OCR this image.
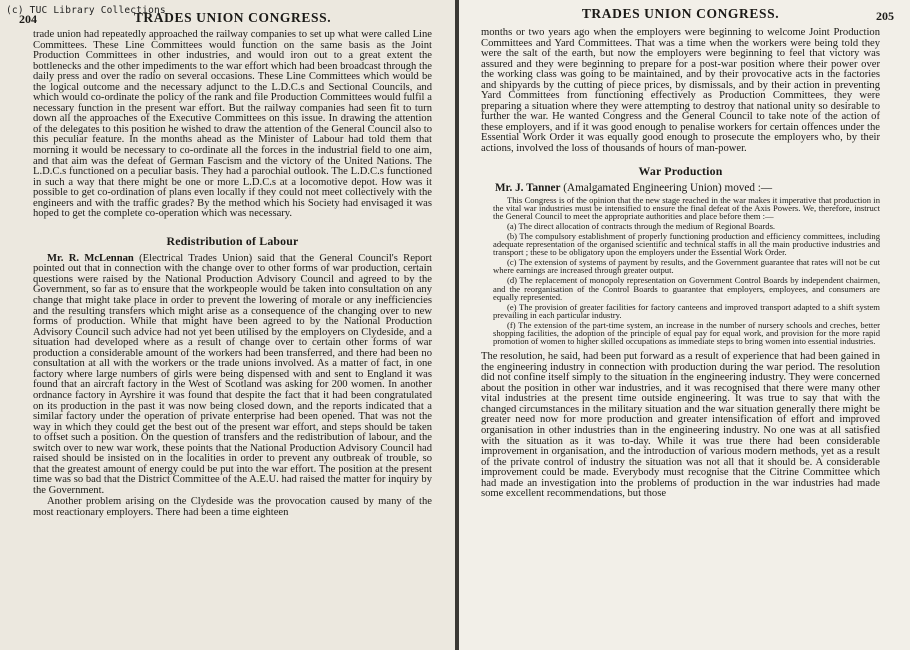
(c) TUC Library Collections
204	TRADES UNION CONGRESS.

trade union had repeatedly approached the railway companies to set up what were called Line Committees. These Line Committees would function on the same basis as the Joint Production Committees in other industries, and would iron out to a great extent the bottlenecks and the other impediments to the war effort which had been broadcast through the daily press and over the radio on several occasions. These Line Committees which would be the logical outcome and the necessary adjunct to the L.D.C.s and Sectional Councils, and which would co-ordinate the policy of the rank and file Production Committees would fulfil a necessary function in the present war effort. But the railway companies had seen fit to turn down all the approaches of the Executive Committees on this issue. In drawing the attention of the delegates to this position he wished to draw the attention of the General Council also to this peculiar feature. In the months ahead as the Minister of Labour had told them that morning it would be necessary to co-ordinate all the forces in the industrial field to one aim, and that aim was the defeat of German Fascism and the victory of the United Nations. The L.D.C.s functioned on a peculiar basis. They had a parochial outlook. The L.D.C.s functioned in such a way that there might be one or more L.D.C.s at a locomotive depot. How was it possible to get co-ordination of plans even locally if they could not meet collectively with the engineers and with the traffic grades? By the method which his Society had envisaged it was hoped to get the complete co-operation which was necessary.

Redistribution of Labour

Mr. R. McLennan (Electrical Trades Union) said that the General Council's Report pointed out that in connection with the change over to other forms of war production, certain questions were raised by the National Production Advisory Council and agreed to by the Government, so far as to ensure that the workpeople would be taken into consultation on any change that might take place in order to prevent the lowering of morale or any inefficiencies and the resulting transfers which might arise as a consequence of the changing over to new forms of production. While that might have been agreed to by the National Production Advisory Council such advice had not yet been utilised by the employers on Clydeside, and a situation had developed where as a result of change over to certain other forms of war production a considerable amount of the workers had been transferred, and there had been no consultation at all with the workers or the trade unions involved. As a matter of fact, in one factory where large numbers of girls were being dispensed with and sent to England it was found that an aircraft factory in the West of Scotland was asking for 200 women. In another ordnance factory in Ayrshire it was found that despite the fact that it had been congratulated on its production in the past it was now being closed down, and the reports indicated that a similar factory under the operation of private enterprise had been opened. That was not the way in which they could get the best out of the present war effort, and steps should be taken to offset such a position. On the question of transfers and the redistribution of labour, and the switch over to new war work, these points that the National Production Advisory Council had raised should be insisted on in the localities in order to prevent any outbreak of trouble, so that the greatest amount of energy could be put into the war effort. The position at the present time was so bad that the District Committee of the A.E.U. had raised the matter for inquiry by the Government.

Another problem arising on the Clydeside was the provocation caused by many of the most reactionary employers. There had been a time eighteen

TRADES UNION CONGRESS.	205

months or two years ago when the employers were beginning to welcome Joint Production Committees and Yard Committees. That was a time when the workers were being told they were the salt of the earth, but now the employers were beginning to feel that victory was assured and they were beginning to prepare for a post-war position where their power over the working class was going to be maintained, and by their provocative acts in the factories and shipyards by the cutting of piece prices, by dismissals, and by their action in preventing Yard Committees from functioning effectively as Production Committees, they were preparing a situation where they were attempting to destroy that national unity so desirable to further the war. He wanted Congress and the General Council to take note of the action of these employers, and if it was good enough to penalise workers for certain offences under the Essential Work Order it was equally good enough to prosecute the employers who, by their actions, involved the loss of thousands of hours of man-power.

War Production

Mr. J. Tanner (Amalgamated Engineering Union) moved :—

This Congress is of the opinion that the new stage reached in the war makes it imperative that production in the vital war industries must be intensified to ensure the final defeat of the Axis Powers. We, therefore, instruct the General Council to meet the appropriate authorities and place before them :—

(a) The direct allocation of contracts through the medium of Regional Boards.

(b) The compulsory establishment of properly functioning production and efficiency committees, including adequate representation of the organised scientific and technical staffs in all the main productive industries and transport ; these to be obligatory upon the employers under the Essential Work Order.

(c) The extension of systems of payment by results, and the Government guarantee that rates will not be cut where earnings are increased through greater output.

(d) The replacement of monopoly representation on Government Control Boards by independent chairmen, and the reorganisation of the Control Boards to guarantee that employers, employees, and consumers are equally represented.

(e) The provision of greater facilities for factory canteens and improved transport adapted to a shift system prevailing in each particular industry.

(f) The extension of the part-time system, an increase in the number of nursery schools and creches, better shopping facilities, the adoption of the principle of equal pay for equal work, and provision for the more rapid promotion of women to higher skilled occupations as immediate steps to bring women into essential industries.

The resolution, he said, had been put forward as a result of experience that had been gained in the engineering industry in connection with production during the war period. The resolution did not confine itself simply to the situation in the engineering industry. They were concerned about the position in other war industries, and it was recognised that there were many other vital industries at the present time outside engineering. It was true to say that with the changed circumstances in the military situation and the war situation generally there might be greater need now for more production and greater intensification of effort and improved organisation in other industries than in the engineering industry. No one was at all satisfied with the situation as it was to-day. While it was true there had been considerable improvement in organisation, and the introduction of various modern methods, yet as a result of the private control of industry the situation was not all that it should be. A considerable improvement could be made. Everybody must recognise that the Citrine Committee which had made an investigation into the problems of production in the war industries had made some excellent recommendations, but those
